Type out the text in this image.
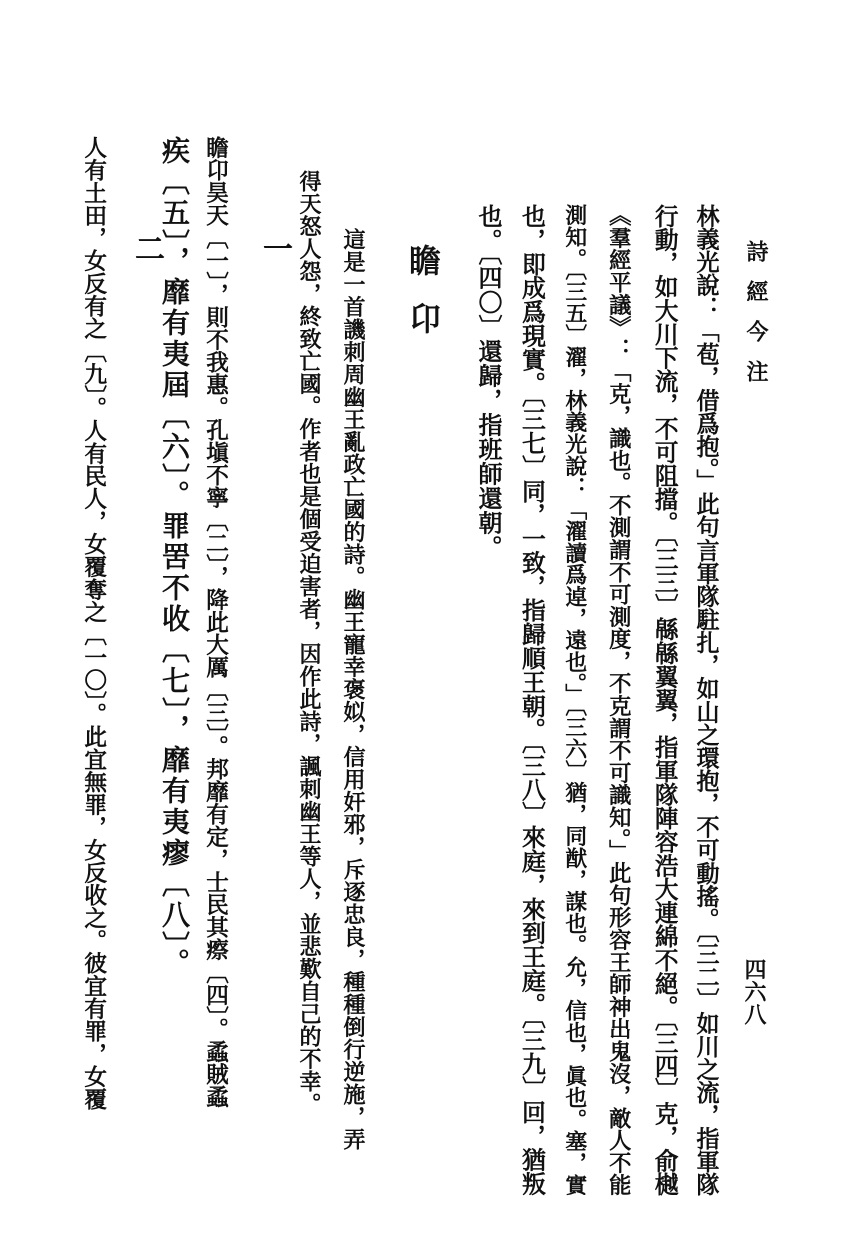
詩經今注
四六八
林義光說：「苞，借爲抱。」此句言軍隊駐扎，如山之環抱，不可動搖。〔三二〕如川之流，指軍隊
行動，如大川下流，不可阻擋。〔三三〕緜緜翼翼，指軍隊陣容浩大連綿不絕。〔三四〕克，俞樾
《羣經平議》：「克，識也。不測謂不可測度，不克謂不可識知。」此句形容王師神出鬼沒，敵人不能
測知。〔三五〕濯，林義光說：「濯讀爲逴，遠也。」〔三六〕猶，同猷，謀也。允，信也，眞也。塞，實
也，即成爲現實。〔三七〕同，一致，指歸順王朝。〔三八〕來庭，來到王庭。〔三九〕回，猶叛
也。〔四〇〕還歸，指班師還朝。
瞻卬
這是一首譏刺周幽王亂政亡國的詩。幽王寵幸褒姒，信用奸邪，斥逐忠良，種種倒行逆施，弄
得天怒人怨，終致亡國。作者也是個受迫害者，因作此詩，諷刺幽王等人，並悲歎自己的不幸。
一
瞻卬昊天〔一〕，則不我惠。孔塡不寧〔二〕，降此大厲〔三〕。邦靡有定，士民其瘵〔四〕。蟊賊蟊
疾〔五〕，靡有夷屆〔六〕。罪罟不收〔七〕，靡有夷瘳〔八〕。
二
人有土田，女反有之〔九〕。人有民人，女覆奪之〔一〇〕。此宜無罪，女反收之。彼宜有罪，女覆
